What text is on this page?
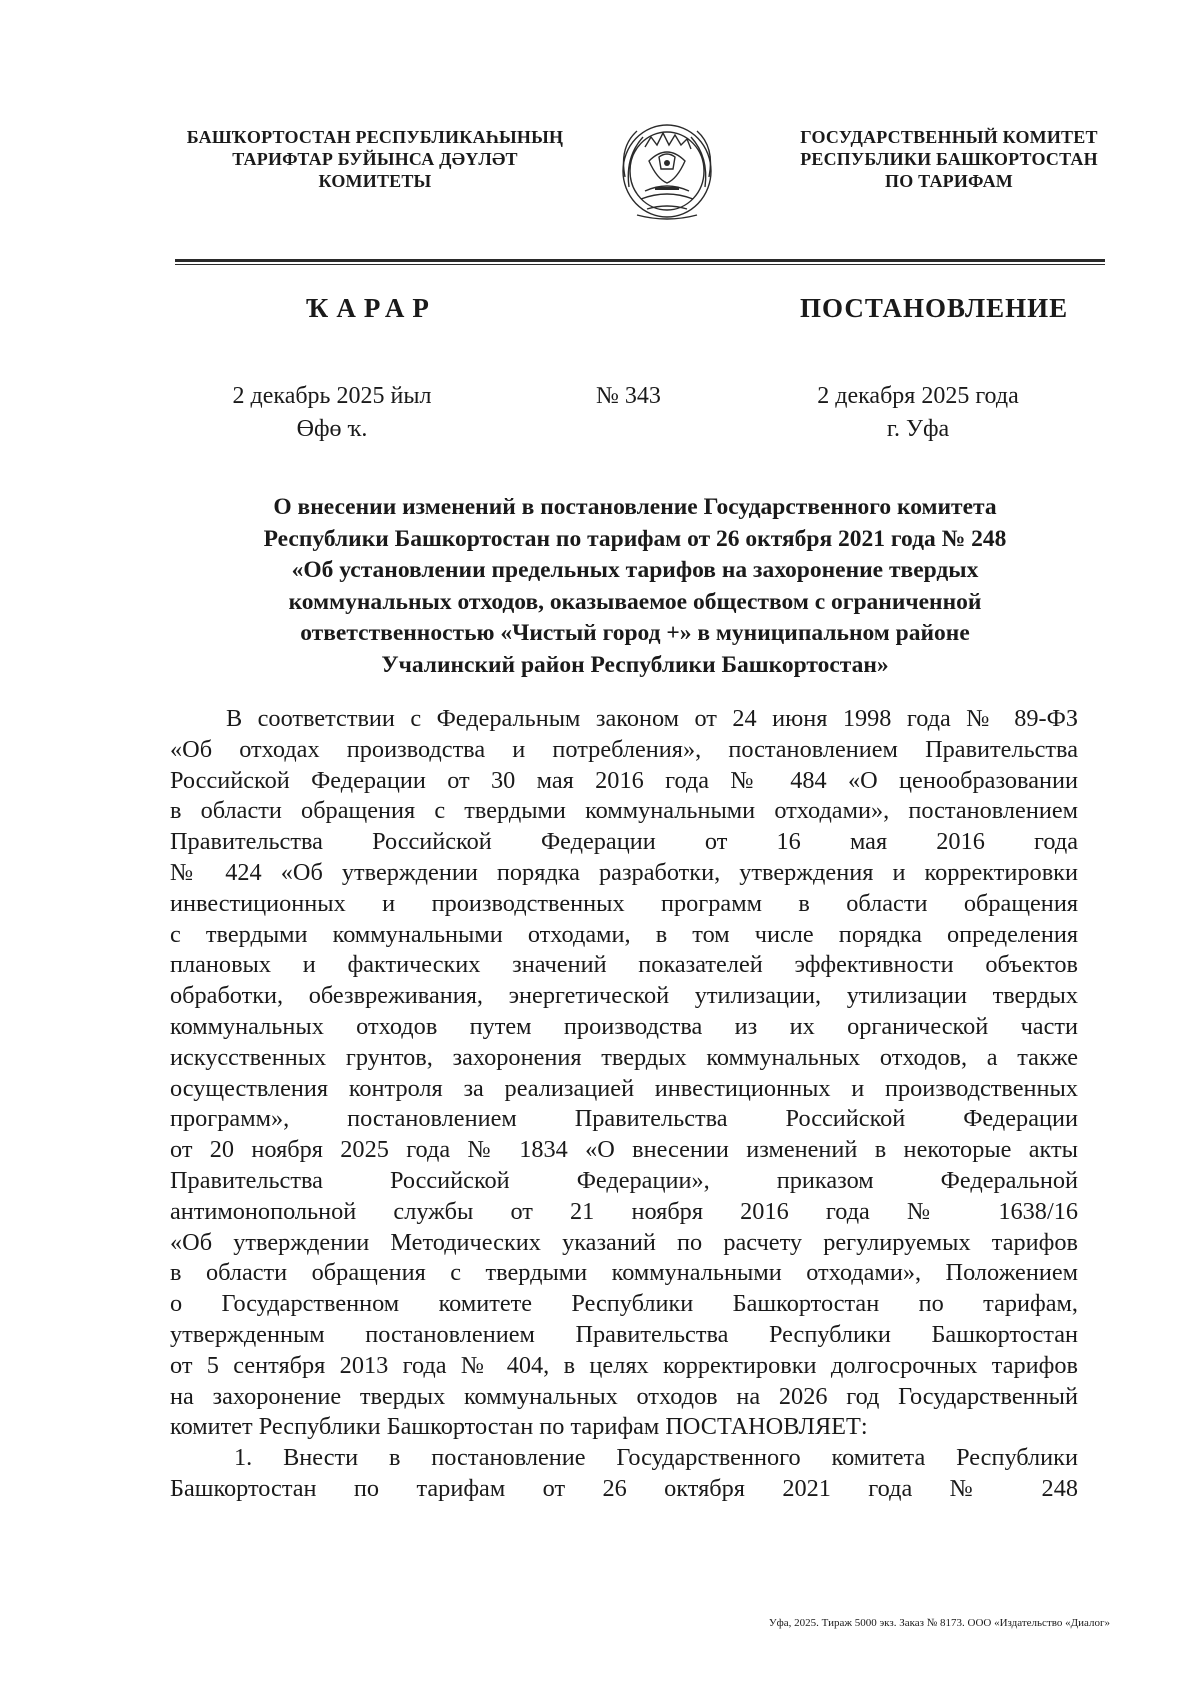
БАШҠОРТОСТАН РЕСПУБЛИКАҺЫНЫҢ
ТАРИФТАР БУЙЫНСА ДӘҮЛӘТ
КОМИТЕТЫ
ГОСУДАРСТВЕННЫЙ КОМИТЕТ
РЕСПУБЛИКИ БАШКОРТОСТАН
ПО ТАРИФАМ
ҠАРАР	ПОСТАНОВЛЕНИЕ
2 декабрь 2025 йыл
Өфө ҡ.
№ 343	2 декабря 2025 года
г. Уфа
О внесении изменений в постановление Государственного комитета
Республики Башкортостан по тарифам от 26 октября 2021 года № 248
«Об установлении предельных тарифов на захоронение твердых
коммунальных отходов, оказываемое обществом с ограниченной
ответственностью «Чистый город +» в муниципальном районе
Учалинский район Республики Башкортостан»
В соответствии с Федеральным законом от 24 июня 1998 года № 89-ФЗ
«Об отходах производства и потребления», постановлением Правительства
Российской Федерации от 30 мая 2016 года № 484 «О ценообразовании
в области обращения с твердыми коммунальными отходами», постановлением
Правительства Российской Федерации от 16 мая 2016 года
№ 424 «Об утверждении порядка разработки, утверждения и корректировки
инвестиционных и производственных программ в области обращения
с твердыми коммунальными отходами, в том числе порядка определения
плановых и фактических значений показателей эффективности объектов
обработки, обезвреживания, энергетической утилизации, утилизации твердых
коммунальных отходов путем производства из их органической части
искусственных грунтов, захоронения твердых коммунальных отходов, а также
осуществления контроля за реализацией инвестиционных и производственных
программ», постановлением Правительства Российской Федерации
от 20 ноября 2025 года № 1834 «О внесении изменений в некоторые акты
Правительства Российской Федерации», приказом Федеральной
антимонопольной службы от 21 ноября 2016 года № 1638/16
«Об утверждении Методических указаний по расчету регулируемых тарифов
в области обращения с твердыми коммунальными отходами», Положением
о Государственном комитете Республики Башкортостан по тарифам,
утвержденным постановлением Правительства Республики Башкортостан
от 5 сентября 2013 года № 404, в целях корректировки долгосрочных тарифов
на захоронение твердых коммунальных отходов на 2026 год Государственный
комитет Республики Башкортостан по тарифам ПОСТАНОВЛЯЕТ:
1. Внести в постановление Государственного комитета Республики
Башкортостан по тарифам от 26 октября 2021 года № 248
Уфа, 2025. Тираж 5000 экз. Заказ № 8173. ООО «Издательство «Диалог»
